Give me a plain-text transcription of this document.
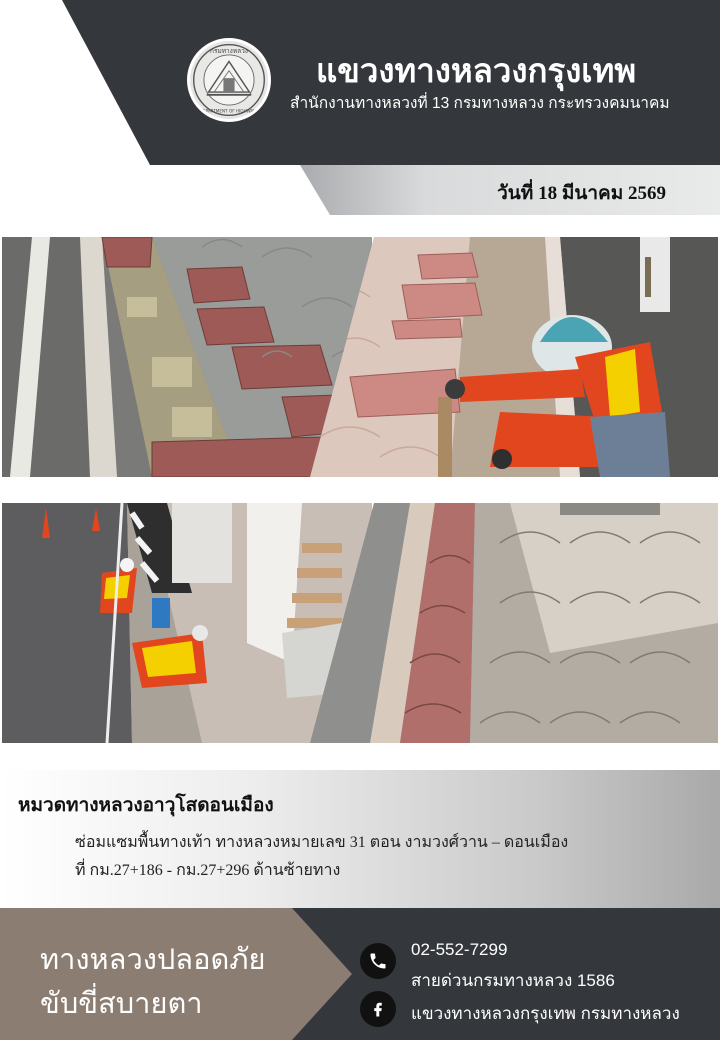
กรมทางหลวง
DEPARTMENT OF HIGHWAYS
แขวงทางหลวงกรุงเทพ
สำนักงานทางหลวงที่ 13 กรมทางหลวง กระทรวงคมนาคม
วันที่ 18 มีนาคม 2569
หมวดทางหลวงอาวุโสดอนเมือง
ซ่อมแซมพื้นทางเท้า ทางหลวงหมายเลข 31 ตอน งามวงศ์วาน – ดอนเมือง
ที่ กม.27+186 - กม.27+296 ด้านซ้ายทาง
ทางหลวงปลอดภัย
ขับขี่สบายตา
02-552-7299
สายด่วนกรมทางหลวง 1586
แขวงทางหลวงกรุงเทพ กรมทางหลวง
